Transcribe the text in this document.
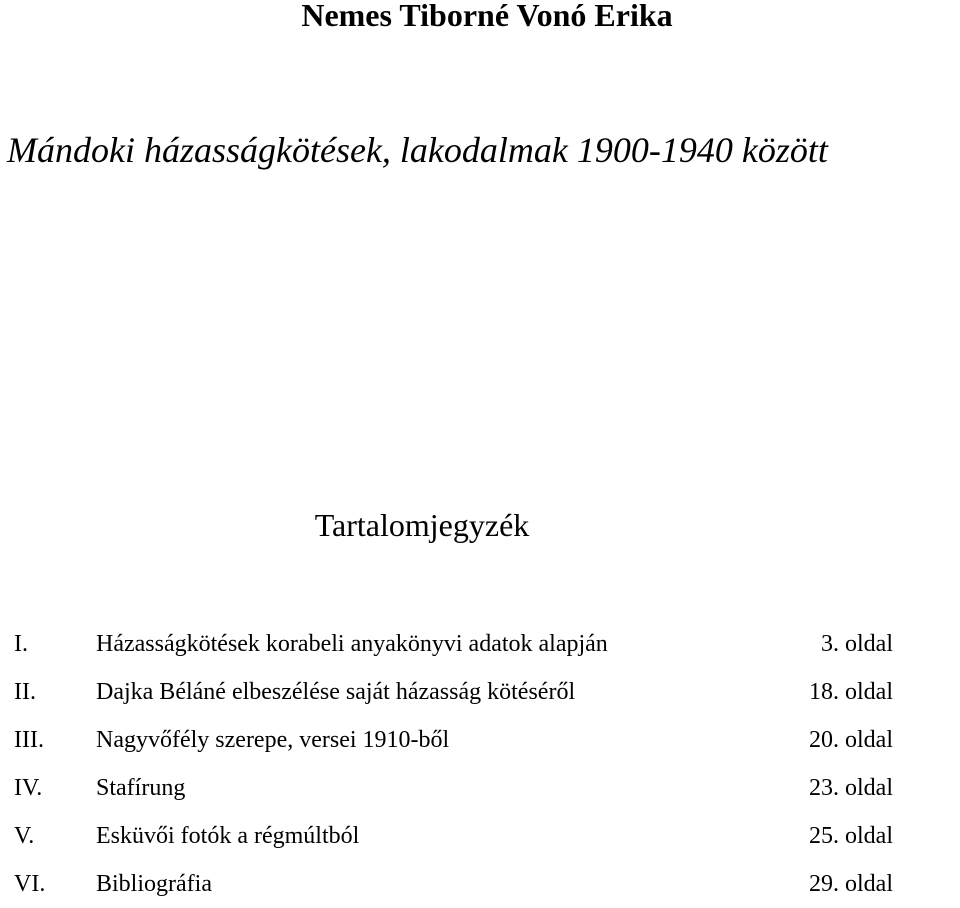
Nemes Tiborné Vonó Erika
Mándoki házasságkötések, lakodalmak 1900-1940 között
Tartalomjegyzék
I.	Házasságkötések korabeli anyakönyvi adatok alapján	3. oldal
II.	Dajka Béláné elbeszélése saját házasság kötéséről	18. oldal
III. Nagyvőfély szerepe, versei 1910-ből	20. oldal
IV. Stafírung	23. oldal
V.	Esküvői fotók a régmúltból	25. oldal
VI. Bibliográfia	29. oldal
